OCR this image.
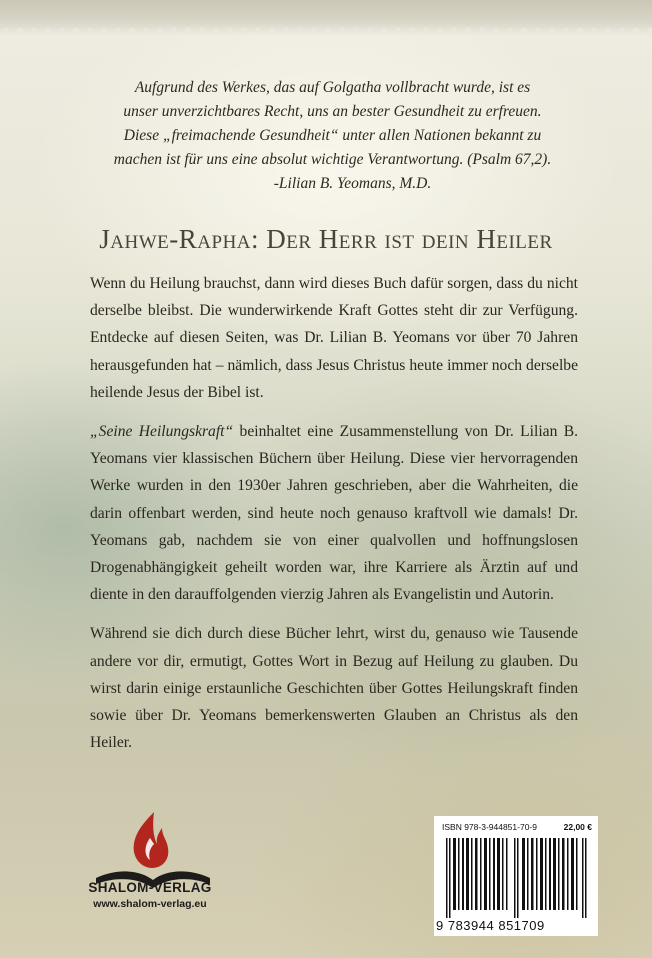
Aufgrund des Werkes, das auf Golgatha vollbracht wurde, ist es

unser unverzichtbares Recht, uns an bester Gesundheit zu erfreuen.

Diese „freimachende Gesundheit“ unter allen Nationen bekannt zu

machen ist für uns eine absolut wichtige Verantwortung. (Psalm 67,2).

-Lilian B. Yeomans, M.D.

Jahwe-Rapha: Der Herr ist dein Heiler

Wenn du Heilung brauchst, dann wird dieses Buch dafür sorgen, dass du nicht derselbe bleibst. Die wunderwirkende Kraft Gottes steht dir zur Verfügung. Entdecke auf diesen Seiten, was Dr. Lilian B. Yeomans vor über 70 Jahren herausgefunden hat – nämlich, dass Jesus Christus heute immer noch derselbe heilende Jesus der Bibel ist.

„Seine Heilungskraft“ beinhaltet eine Zusammenstellung von Dr. Lilian B. Yeomans vier klassischen Büchern über Heilung. Diese vier hervorragenden Werke wurden in den 1930er Jahren geschrieben, aber die Wahrheiten, die darin offenbart werden, sind heute noch genauso kraftvoll wie damals! Dr. Yeomans gab, nachdem sie von einer qualvollen und hoffnungslosen Drogenabhängigkeit geheilt worden war, ihre Karriere als Ärztin auf und diente in den darauffolgenden vierzig Jahren als Evangelistin und Autorin.

Während sie dich durch diese Bücher lehrt, wirst du, genauso wie Tausende andere vor dir, ermutigt, Gottes Wort in Bezug auf Heilung zu glauben. Du wirst darin einige erstaunliche Geschichten über Gottes Heilungskraft finden sowie über Dr. Yeomans bemerkenswerten Glauben an Christus als den Heiler.

SHALOM-VERLAG
www.shalom-verlag.eu
ISBN 978-3-944851-70-9	22,00 €
9 783944 851709
